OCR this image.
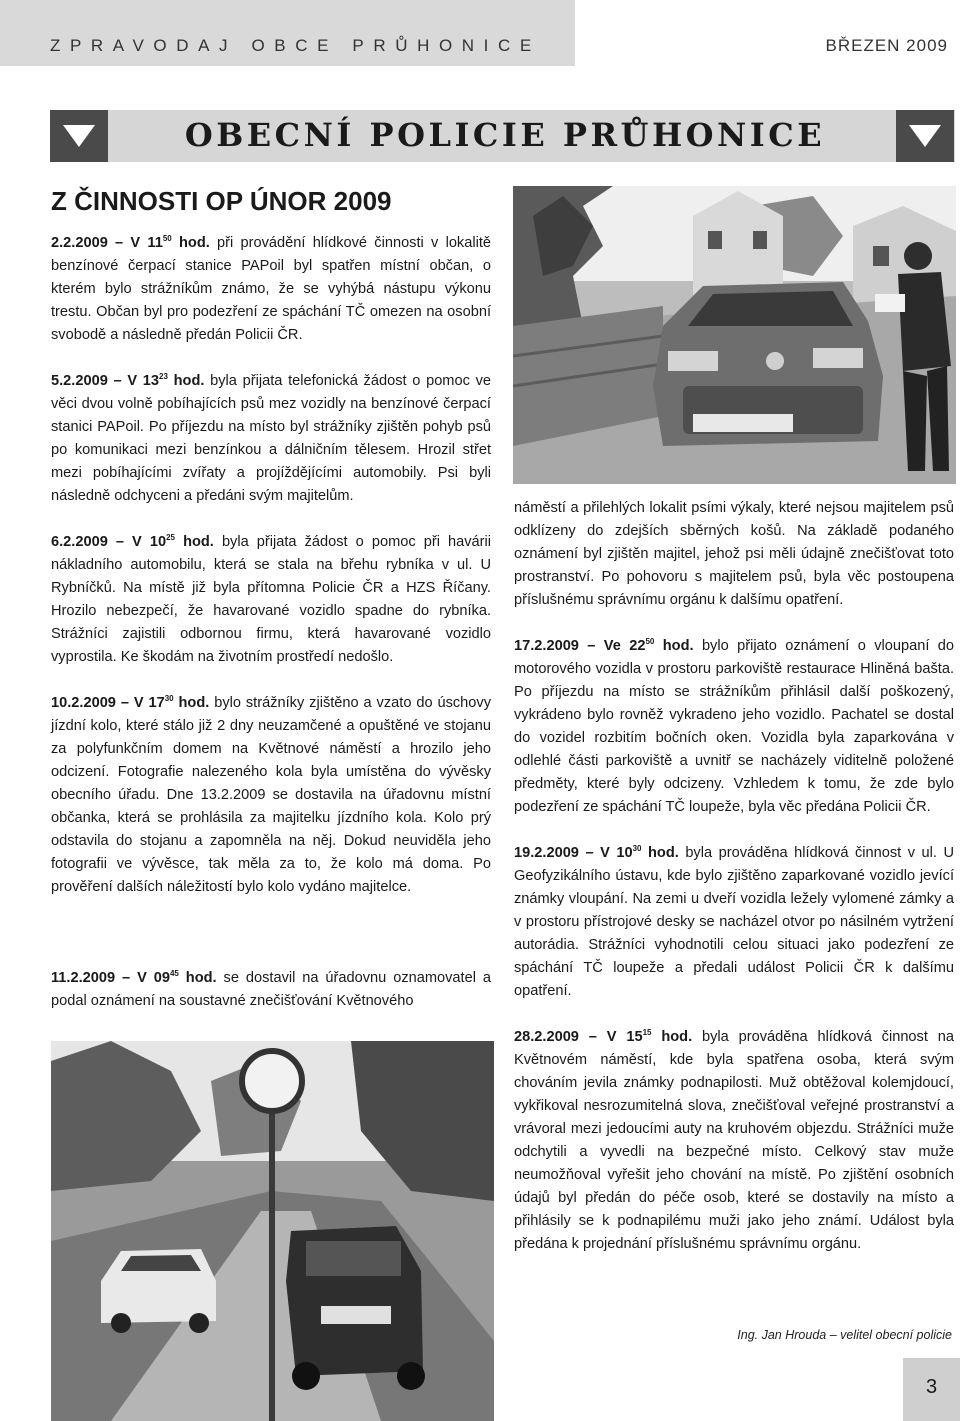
ZPRAVODAJ OBCE PRŮHONICE	BŘEZEN 2009
OBECNÍ POLICIE PRŮHONICE
Z ČINNOSTI OP ÚNOR 2009

2.2.2009 – V $11^{50}$ hod. při provádění hlídkové činnosti v lokalitě benzínové čerpací stanice PAPoil byl spatřen místní občan, o kterém bylo strážníkům známo, že se vyhýbá nástupu výkonu trestu. Občan byl pro podezření ze spáchání TČ omezen na osobní svobodě a následně předán Policii ČR.

5.2.2009 – V $13^{23}$ hod. byla přijata telefonická žádost o pomoc ve věci dvou volně pobíhajících psů mez vozidly na benzínové čerpací stanici PAPoil. Po příjezdu na místo byl strážníky zjištěn pohyb psů po komunikaci mezi benzínkou a dálničním tělesem. Hrozil střet mezi pobíhajícími zvířaty a projíždějícími automobily. Psi byli následně odchyceni a předáni svým majitelům.

6.2.2009 – V $10^{25}$ hod. byla přijata žádost o pomoc při havárii nákladního automobilu, která se stala na břehu rybníka v ul. U Rybníčků. Na místě již byla přítomna Policie ČR a HZS Říčany. Hrozilo nebezpečí, že havarované vozidlo spadne do rybníka. Strážníci zajistili odbornou firmu, která havarované vozidlo vyprostila. Ke škodám na životním prostředí nedošlo.

10.2.2009 – V $17^{30}$ hod. bylo strážníky zjištěno a vzato do úschovy jízdní kolo, které stálo již 2 dny neuzamčené a opuštěné ve stojanu za polyfunkčním domem na Květnové náměstí a hrozilo jeho odcizení. Fotografie nalezeného kola byla umístěna do vývěsky obecního úřadu. Dne 13.2.2009 se dostavila na úřadovnu místní občanka, která se prohlásila za majitelku jízdního kola. Kolo prý odstavila do stojanu a zapomněla na něj. Dokud neuviděla jeho fotografii ve vývěsce, tak měla za to, že kolo má doma. Po prověření dalších náležitostí bylo kolo vydáno majitelce.

11.2.2009 – V $09^{45}$ hod. se dostavil na úřadovnu oznamovatel a podal oznámení na soustavné znečišťování Květnového

náměstí a přilehlých lokalit psími výkaly, které nejsou majitelem psů odklízeny do zdejších sběrných košů. Na základě podaného oznámení byl zjištěn majitel, jehož psi měli údajně znečišťovat toto prostranství. Po pohovoru s majitelem psů, byla věc postoupena příslušnému správnímu orgánu k dalšímu opatření.

17.2.2009 – Ve $22^{50}$ hod. bylo přijato oznámení o vloupaní do motorového vozidla v prostoru parkoviště restaurace Hliněná bašta. Po příjezdu na místo se strážníkům přihlásil další poškozený, vykrádeno bylo rovněž vykradeno jeho vozidlo. Pachatel se dostal do vozidel rozbitím bočních oken. Vozidla byla zaparkována v odlehlé části parkoviště a uvnitř se nacházely viditelně položené předměty, které byly odcizeny. Vzhledem k tomu, že zde bylo podezření ze spáchání TČ loupeže, byla věc předána Policii ČR.

19.2.2009 – V $10^{30}$ hod. byla prováděna hlídková činnost v ul. U Geofyzikálního ústavu, kde bylo zjištěno zaparkované vozidlo jevící známky vloupání. Na zemi u dveří vozidla ležely vylomené zámky a v prostoru přístrojové desky se nacházel otvor po násilném vytržení autorádia. Strážníci vyhodnotili celou situaci jako podezření ze spáchání TČ loupeže a předali událost Policii ČR k dalšímu opatření.

28.2.2009 – V $15^{15}$ hod. byla prováděna hlídková činnost na Květnovém náměstí, kde byla spatřena osoba, která svým chováním jevila známky podnapilosti. Muž obtěžoval kolemjdoucí, vykřikoval nesrozumitelná slova, znečišťoval veřejné prostranství a vrávoral mezi jedoucími auty na kruhovém objezdu. Strážníci muže odchytili a vyvedli na bezpečné místo. Celkový stav muže neumožňoval vyřešit jeho chování na místě. Po zjištění osobních údajů byl předán do péče osob, které se dostavily na místo a přihlásily se k podnapilému muži jako jeho známí. Událost byla předána k projednání příslušnému správnímu orgánu.

Ing. Jan Hrouda – velitel obecní policie
3
